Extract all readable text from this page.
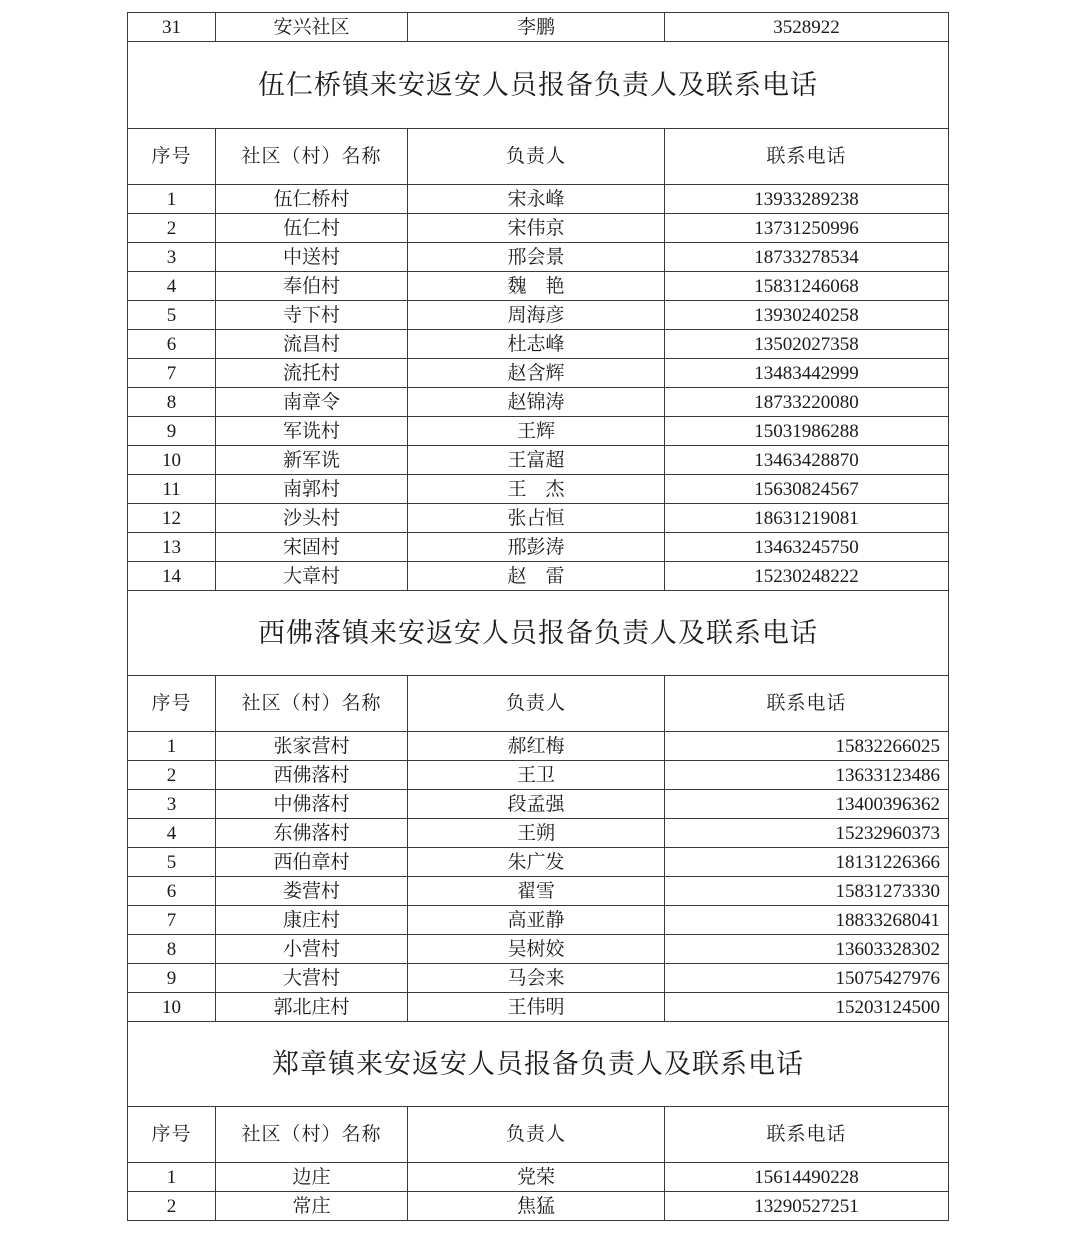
31	安兴社区	李鹏	3528922
伍仁桥镇来安返安人员报备负责人及联系电话			
序号	社区（村）名称	负责人	联系电话
1	伍仁桥村	宋永峰	13933289238
2	伍仁村	宋伟京	13731250996
3	中送村	邢会景	18733278534
4	奉伯村	魏　艳	15831246068
5	寺下村	周海彦	13930240258
6	流昌村	杜志峰	13502027358
7	流托村	赵含辉	13483442999
8	南章令	赵锦涛	18733220080
9	军诜村	王辉	15031986288
10	新军诜	王富超	13463428870
11	南郭村	王　杰	15630824567
12	沙头村	张占恒	18631219081
13	宋固村	邢彭涛	13463245750
14	大章村	赵　雷	15230248222
西佛落镇来安返安人员报备负责人及联系电话			
序号	社区（村）名称	负责人	联系电话
1	张家营村	郝红梅	15832266025
2	西佛落村	王卫	13633123486
3	中佛落村	段孟强	13400396362
4	东佛落村	王朔	15232960373
5	西伯章村	朱广发	18131226366
6	娄营村	翟雪	15831273330
7	康庄村	高亚静	18833268041
8	小营村	吴树姣	13603328302
9	大营村	马会来	15075427976
10	郭北庄村	王伟明	15203124500
郑章镇来安返安人员报备负责人及联系电话			
序号	社区（村）名称	负责人	联系电话
1	边庄	党荣	15614490228
2	常庄	焦猛	13290527251
